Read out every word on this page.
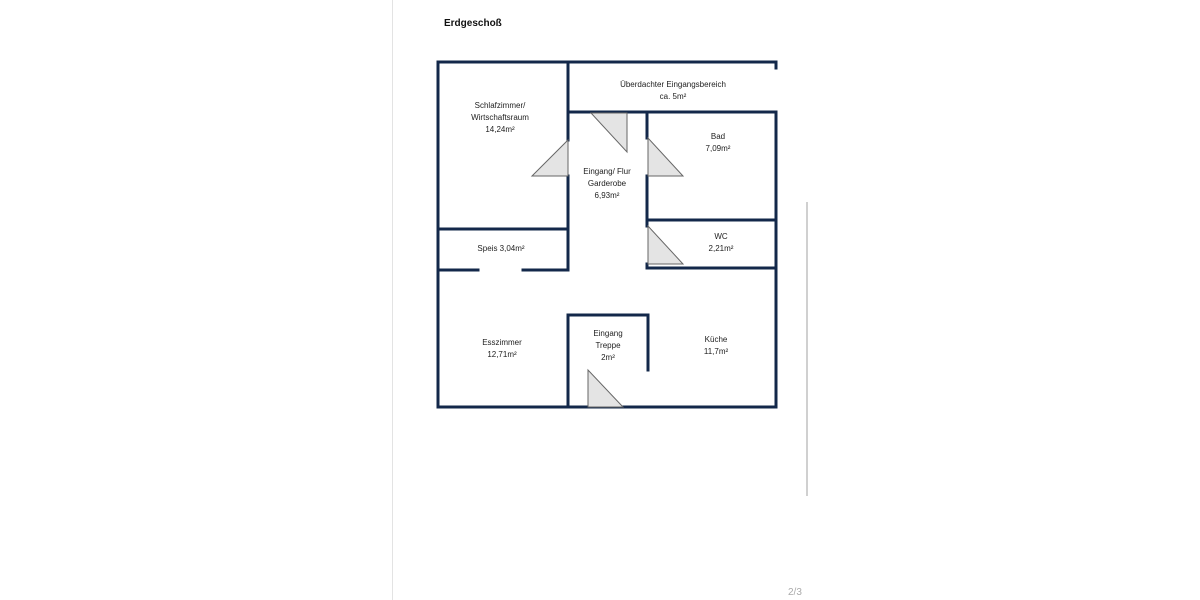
Erdgeschoß
Überdachter Eingangsbereich
ca. 5m²
Schlafzimmer/
Wirtschaftsraum
14,24m²
Eingang/ Flur
Garderobe
6,93m²
Bad
7,09m²
Speis 3,04m²
WC
2,21m²
Esszimmer
12,71m²
Eingang
Treppe
2m²
Küche
11,7m²
2/3
